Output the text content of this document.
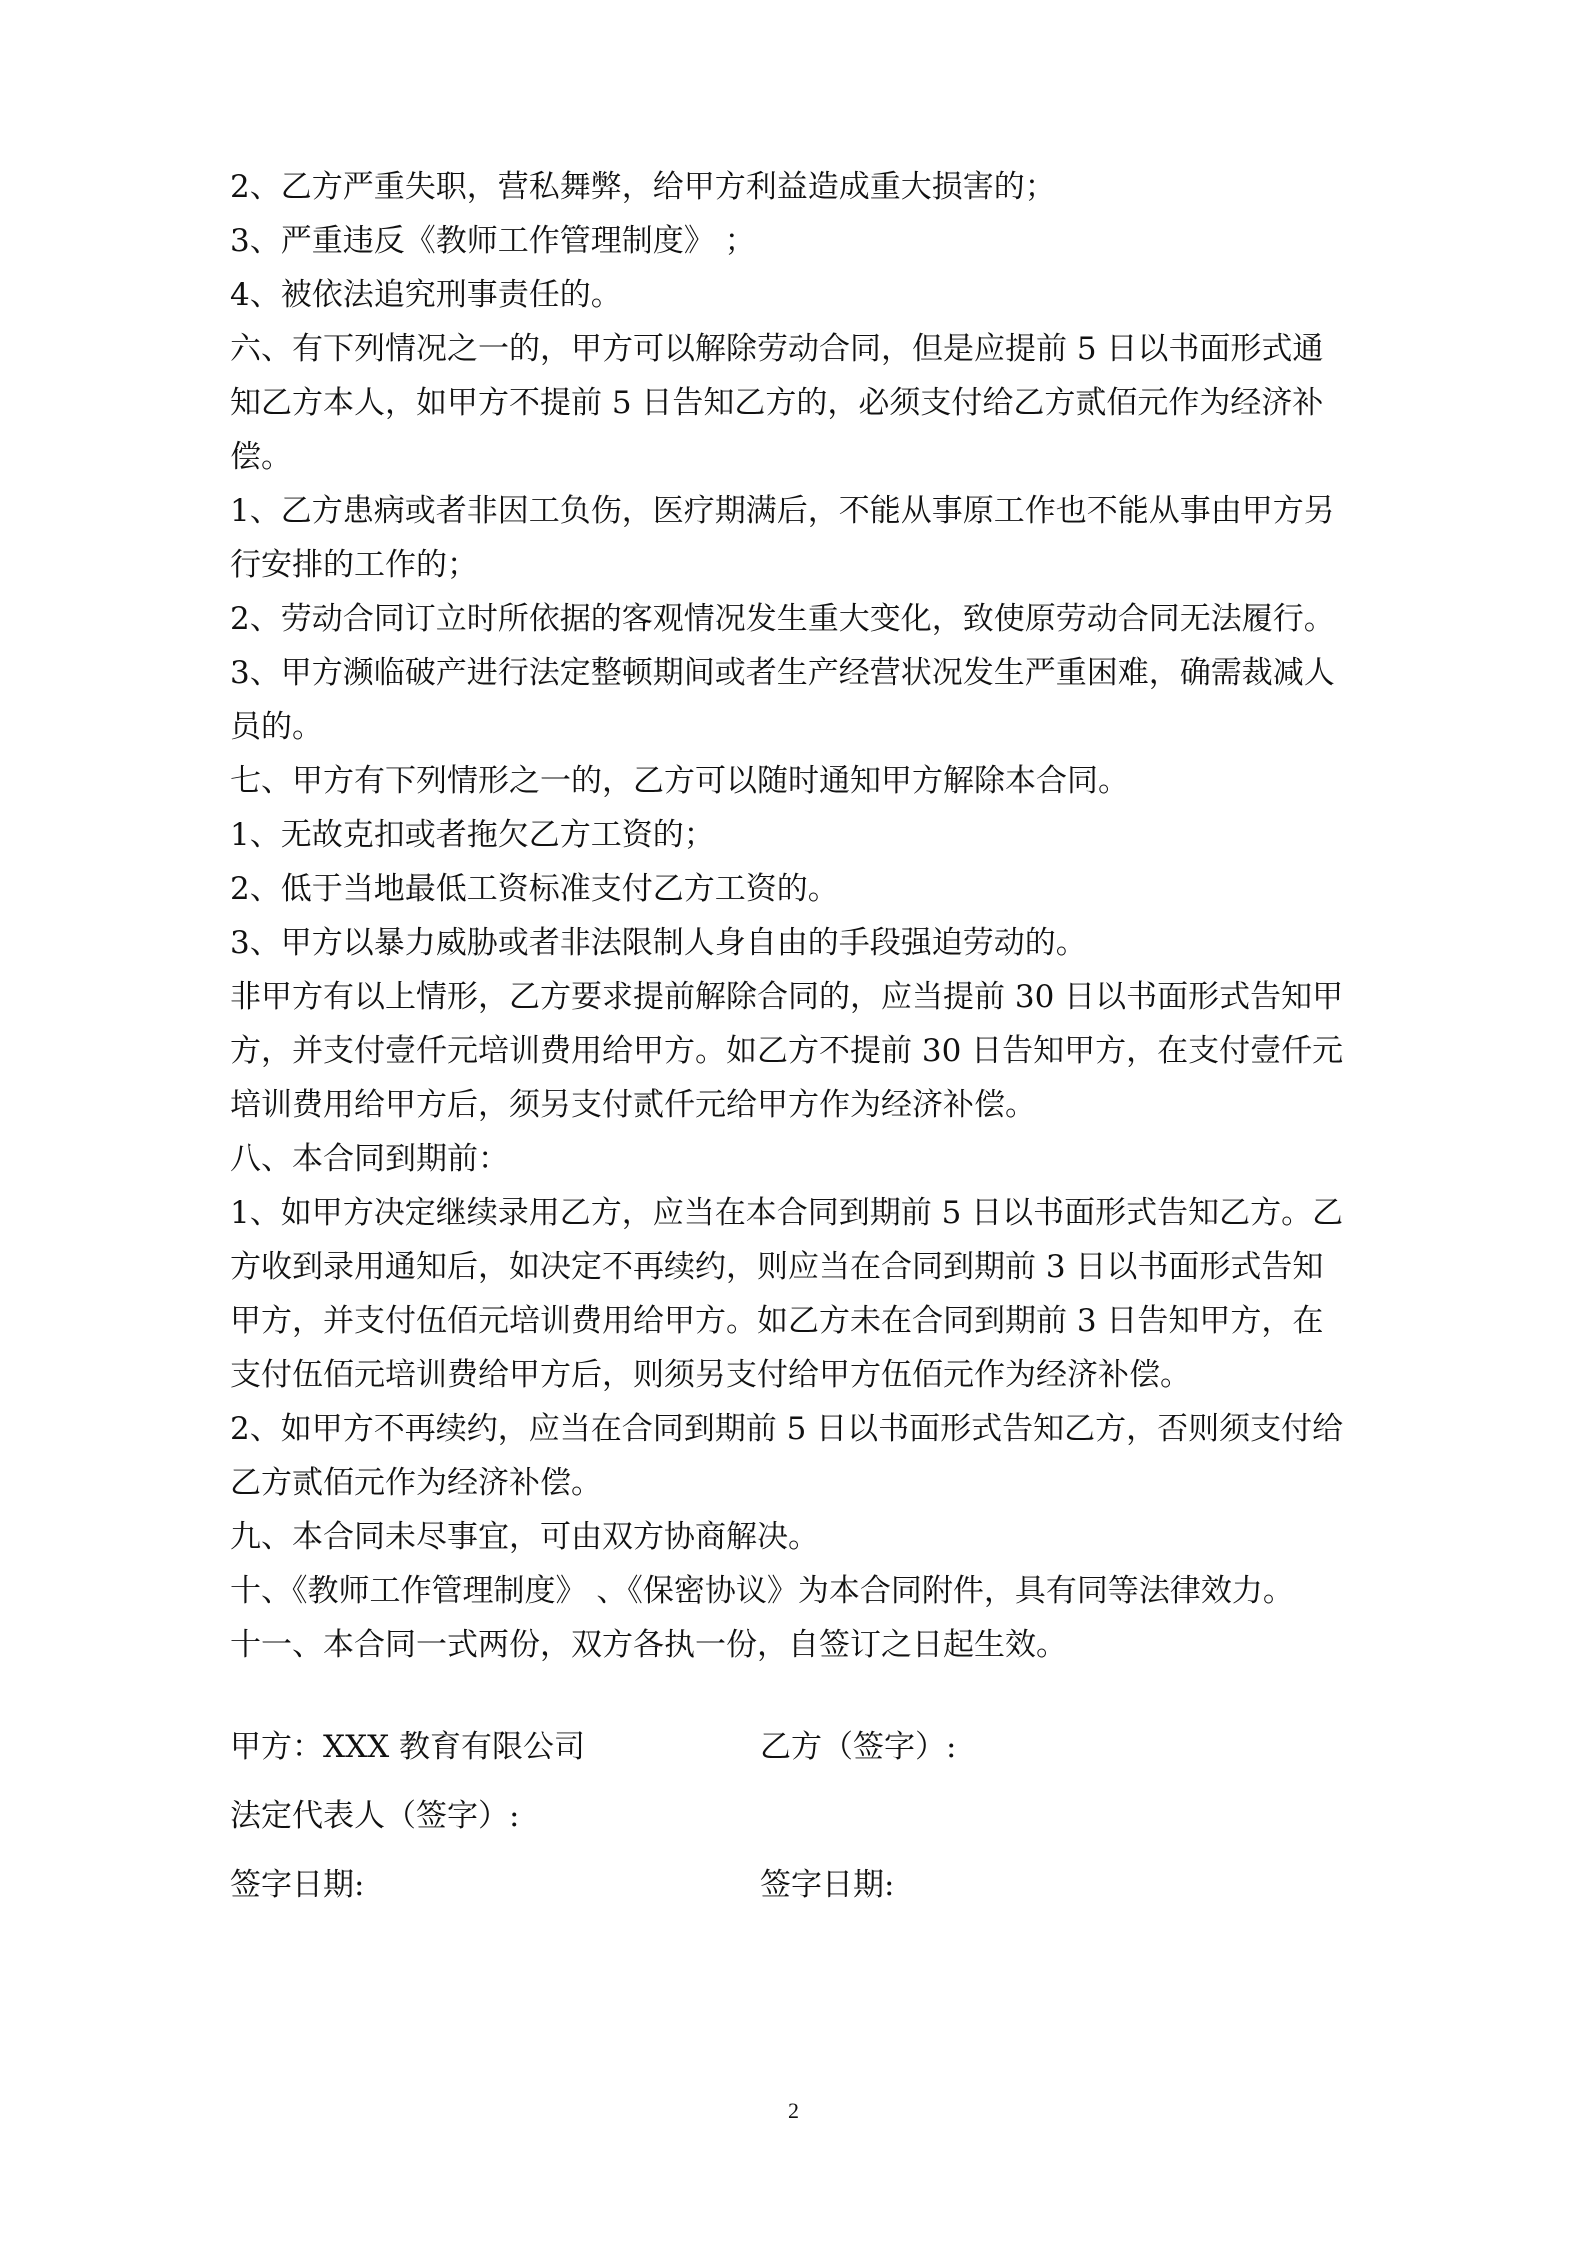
2、乙方严重失职，营私舞弊，给甲方利益造成重大损害的；

3、严重违反《教师工作管理制度》 ；

4、被依法追究刑事责任的。

六、有下列情况之一的，甲方可以解除劳动合同，但是应提前 5 日以书面形式通

知乙方本人，如甲方不提前 5 日告知乙方的，必须支付给乙方贰佰元作为经济补

偿。

1、乙方患病或者非因工负伤，医疗期满后，不能从事原工作也不能从事由甲方另

行安排的工作的；

2、劳动合同订立时所依据的客观情况发生重大变化，致使原劳动合同无法履行。

3、甲方濒临破产进行法定整顿期间或者生产经营状况发生严重困难，确需裁减人

员的。

七、甲方有下列情形之一的，乙方可以随时通知甲方解除本合同。

1、无故克扣或者拖欠乙方工资的；

2、低于当地最低工资标准支付乙方工资的。

3、甲方以暴力威胁或者非法限制人身自由的手段强迫劳动的。

非甲方有以上情形，乙方要求提前解除合同的，应当提前 30 日以书面形式告知甲

方，并支付壹仟元培训费用给甲方。如乙方不提前 30 日告知甲方，在支付壹仟元

培训费用给甲方后，须另支付贰仟元给甲方作为经济补偿。

八、本合同到期前：

1、如甲方决定继续录用乙方，应当在本合同到期前 5 日以书面形式告知乙方。乙

方收到录用通知后，如决定不再续约，则应当在合同到期前 3 日以书面形式告知

甲方，并支付伍佰元培训费用给甲方。如乙方未在合同到期前 3 日告知甲方，在

支付伍佰元培训费给甲方后，则须另支付给甲方伍佰元作为经济补偿。

2、如甲方不再续约，应当在合同到期前 5 日以书面形式告知乙方，否则须支付给

乙方贰佰元作为经济补偿。

九、本合同未尽事宜，可由双方协商解决。

十、《教师工作管理制度》 、《保密协议》为本合同附件，具有同等法律效力。

十一、本合同一式两份，双方各执一份，自签订之日起生效。

甲方：XXX 教育有限公司	乙方（签字）:
法定代表人（签字）:
签字日期:	签字日期:
2
